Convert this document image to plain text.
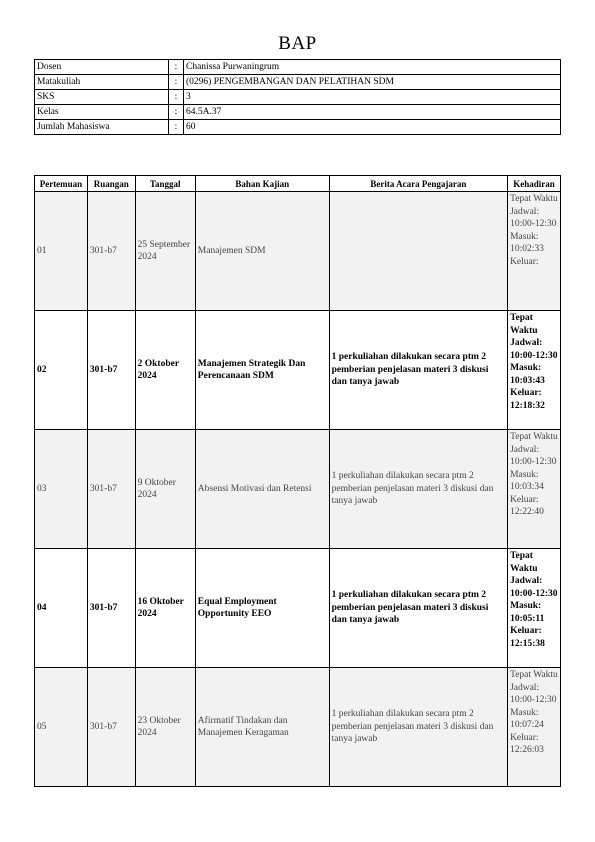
BAP
Dosen	:	Chanissa Purwaningrum
Matakuliah	:	(0296) PENGEMBANGAN DAN PELATIHAN SDM
SKS	:	3
Kelas	:	64.5A.37
Jumlah Mahasiswa	:	60
Pertemuan	Ruangan	Tanggal	Bahan Kajian	Berita Acara Pengajaran	Kehadiran
01	301-b7	25 September 2024	Manajemen SDM		Tepat Waktu
Jadwal: 10:00-12:30
Masuk: 10:02:33
Keluar:
02	301-b7	2 Oktober 2024	Manajemen Strategik Dan Perencanaan SDM	1 perkuliahan dilakukan secara ptm 2 pemberian penjelasan materi 3 diskusi dan tanya jawab	Tepat Waktu
Jadwal: 10:00-12:30
Masuk: 10:03:43
Keluar: 12:18:32
03	301-b7	9 Oktober 2024	Absensi Motivasi dan Retensi	1 perkuliahan dilakukan secara ptm 2 pemberian penjelasan materi 3 diskusi dan tanya jawab	Tepat Waktu
Jadwal: 10:00-12:30
Masuk: 10:03:34
Keluar: 12:22:40
04	301-b7	16 Oktober 2024	Equal Employment Opportunity EEO	1 perkuliahan dilakukan secara ptm 2 pemberian penjelasan materi 3 diskusi dan tanya jawab	Tepat Waktu
Jadwal: 10:00-12:30
Masuk: 10:05:11
Keluar: 12:15:38
05	301-b7	23 Oktober 2024	Afirmatif Tindakan dan Manajemen Keragaman	1 perkuliahan dilakukan secara ptm 2 pemberian penjelasan materi 3 diskusi dan tanya jawab	Tepat Waktu
Jadwal: 10:00-12:30
Masuk: 10:07:24
Keluar: 12:26:03
